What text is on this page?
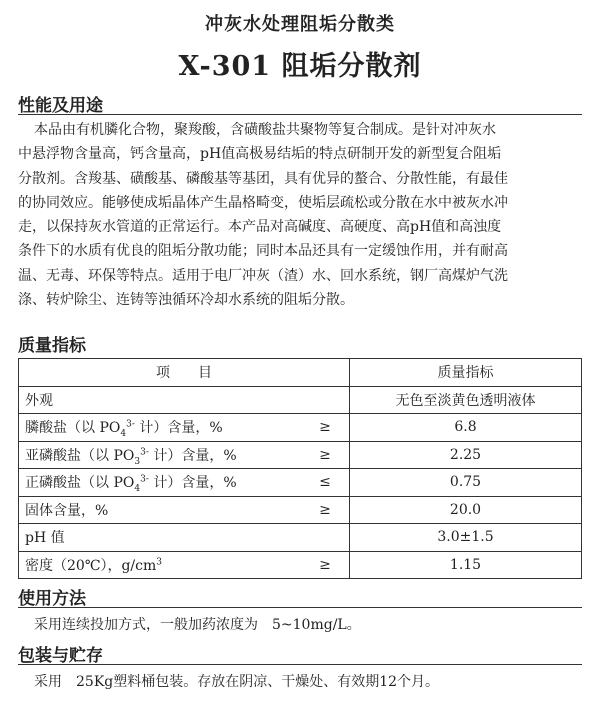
冲灰水处理阻垢分散类
X-301 阻垢分散剂
性能及用途
本品由有机膦化合物，聚羧酸，含磺酸盐共聚物等复合制成。是针对冲灰水
中悬浮物含量高，钙含量高，pH值高极易结垢的特点研制开发的新型复合阻垢
分散剂。含羧基、磺酸基、磷酸基等基团，具有优异的螯合、分散性能，有最佳
的协同效应。能够使成垢晶体产生晶格畸变，使垢层疏松或分散在水中被灰水冲
走，以保持灰水管道的正常运行。本产品对高碱度、高硬度、高pH值和高浊度
条件下的水质有优良的阻垢分散功能；同时本品还具有一定缓蚀作用，并有耐高
温、无毒、环保等特点。适用于电厂冲灰（渣）水、回水系统，钢厂高煤炉气洗
涤、转炉除尘、连铸等浊循环冷却水系统的阻垢分散。
质量指标
项　　目		质量指标
外观		无色至淡黄色透明液体
膦酸盐（以 $PO_4^{3-}$ 计）含量，%	≥	6.8
亚磷酸盐（以 $PO_3^{3-}$ 计）含量，%	≥	2.25
正磷酸盐（以 $PO_4^{3-}$ 计）含量，%	≤	0.75
固体含量，%	≥	20.0
pH 值		3.0±1.5
密度（20℃），$g/cm^3$	≥	1.15
使用方法
采用连续投加方式，一般加药浓度为　5~10mg/L。
包装与贮存
采用　25Kg塑料桶包装。存放在阴凉、干燥处、有效期12个月。
